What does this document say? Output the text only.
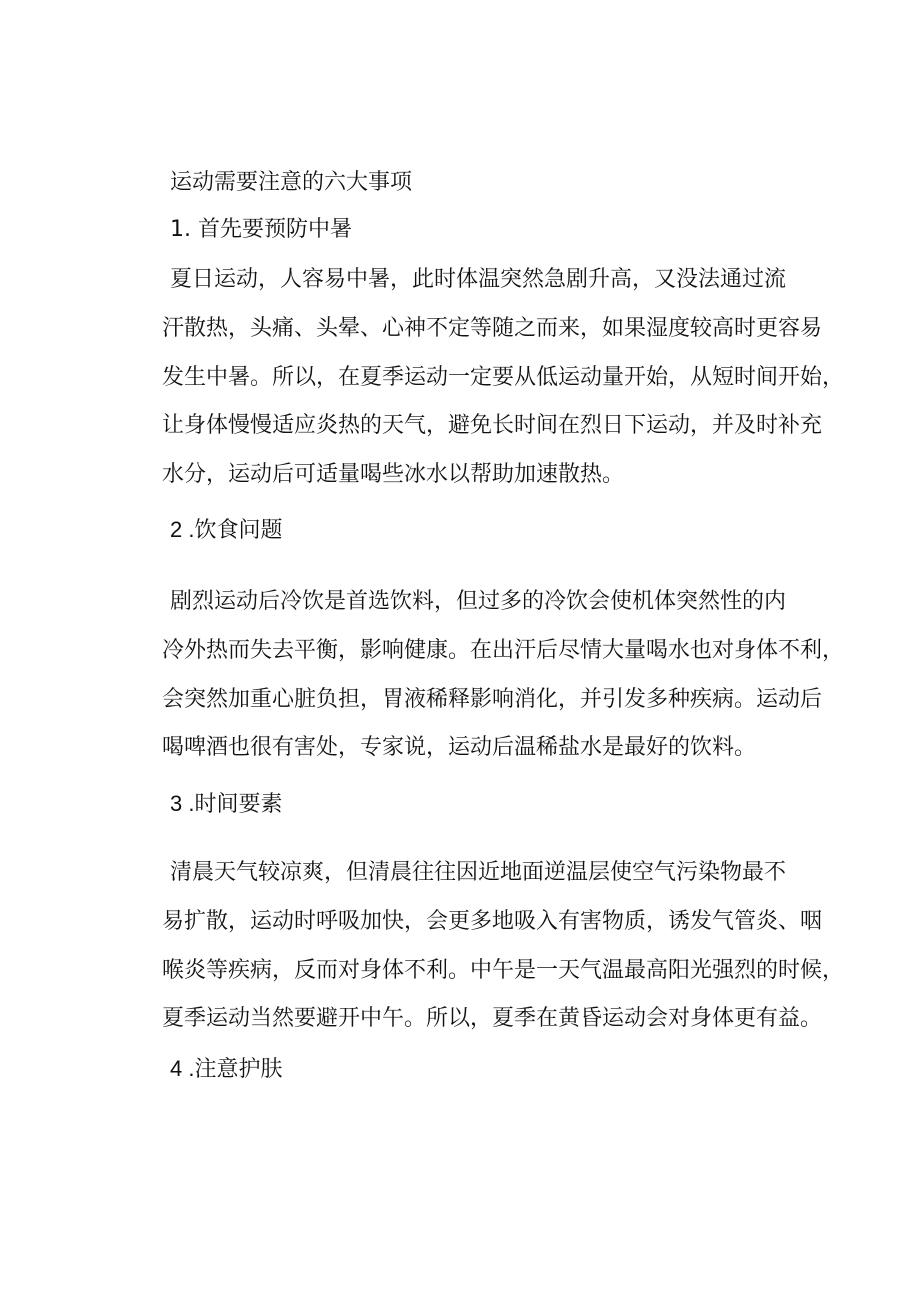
运动需要注意的六大事项
1. 首先要预防中暑
夏日运动，人容易中暑，此时体温突然急剧升高，又没法通过流
汗散热，头痛、头晕、心神不定等随之而来，如果湿度较高时更容易
发生中暑。所以，在夏季运动一定要从低运动量开始，从短时间开始，
让身体慢慢适应炎热的天气，避免长时间在烈日下运动，并及时补充
水分，运动后可适量喝些冰水以帮助加速散热。
2 .饮食问题
剧烈运动后冷饮是首选饮料，但过多的冷饮会使机体突然性的内
冷外热而失去平衡，影响健康。在出汗后尽情大量喝水也对身体不利，
会突然加重心脏负担，胃液稀释影响消化，并引发多种疾病。运动后
喝啤酒也很有害处，专家说，运动后温稀盐水是最好的饮料。
3 .时间要素
清晨天气较凉爽，但清晨往往因近地面逆温层使空气污染物最不
易扩散，运动时呼吸加快，会更多地吸入有害物质，诱发气管炎、咽
喉炎等疾病，反而对身体不利。中午是一天气温最高阳光强烈的时候，
夏季运动当然要避开中午。所以，夏季在黄昏运动会对身体更有益。
4 .注意护肤
